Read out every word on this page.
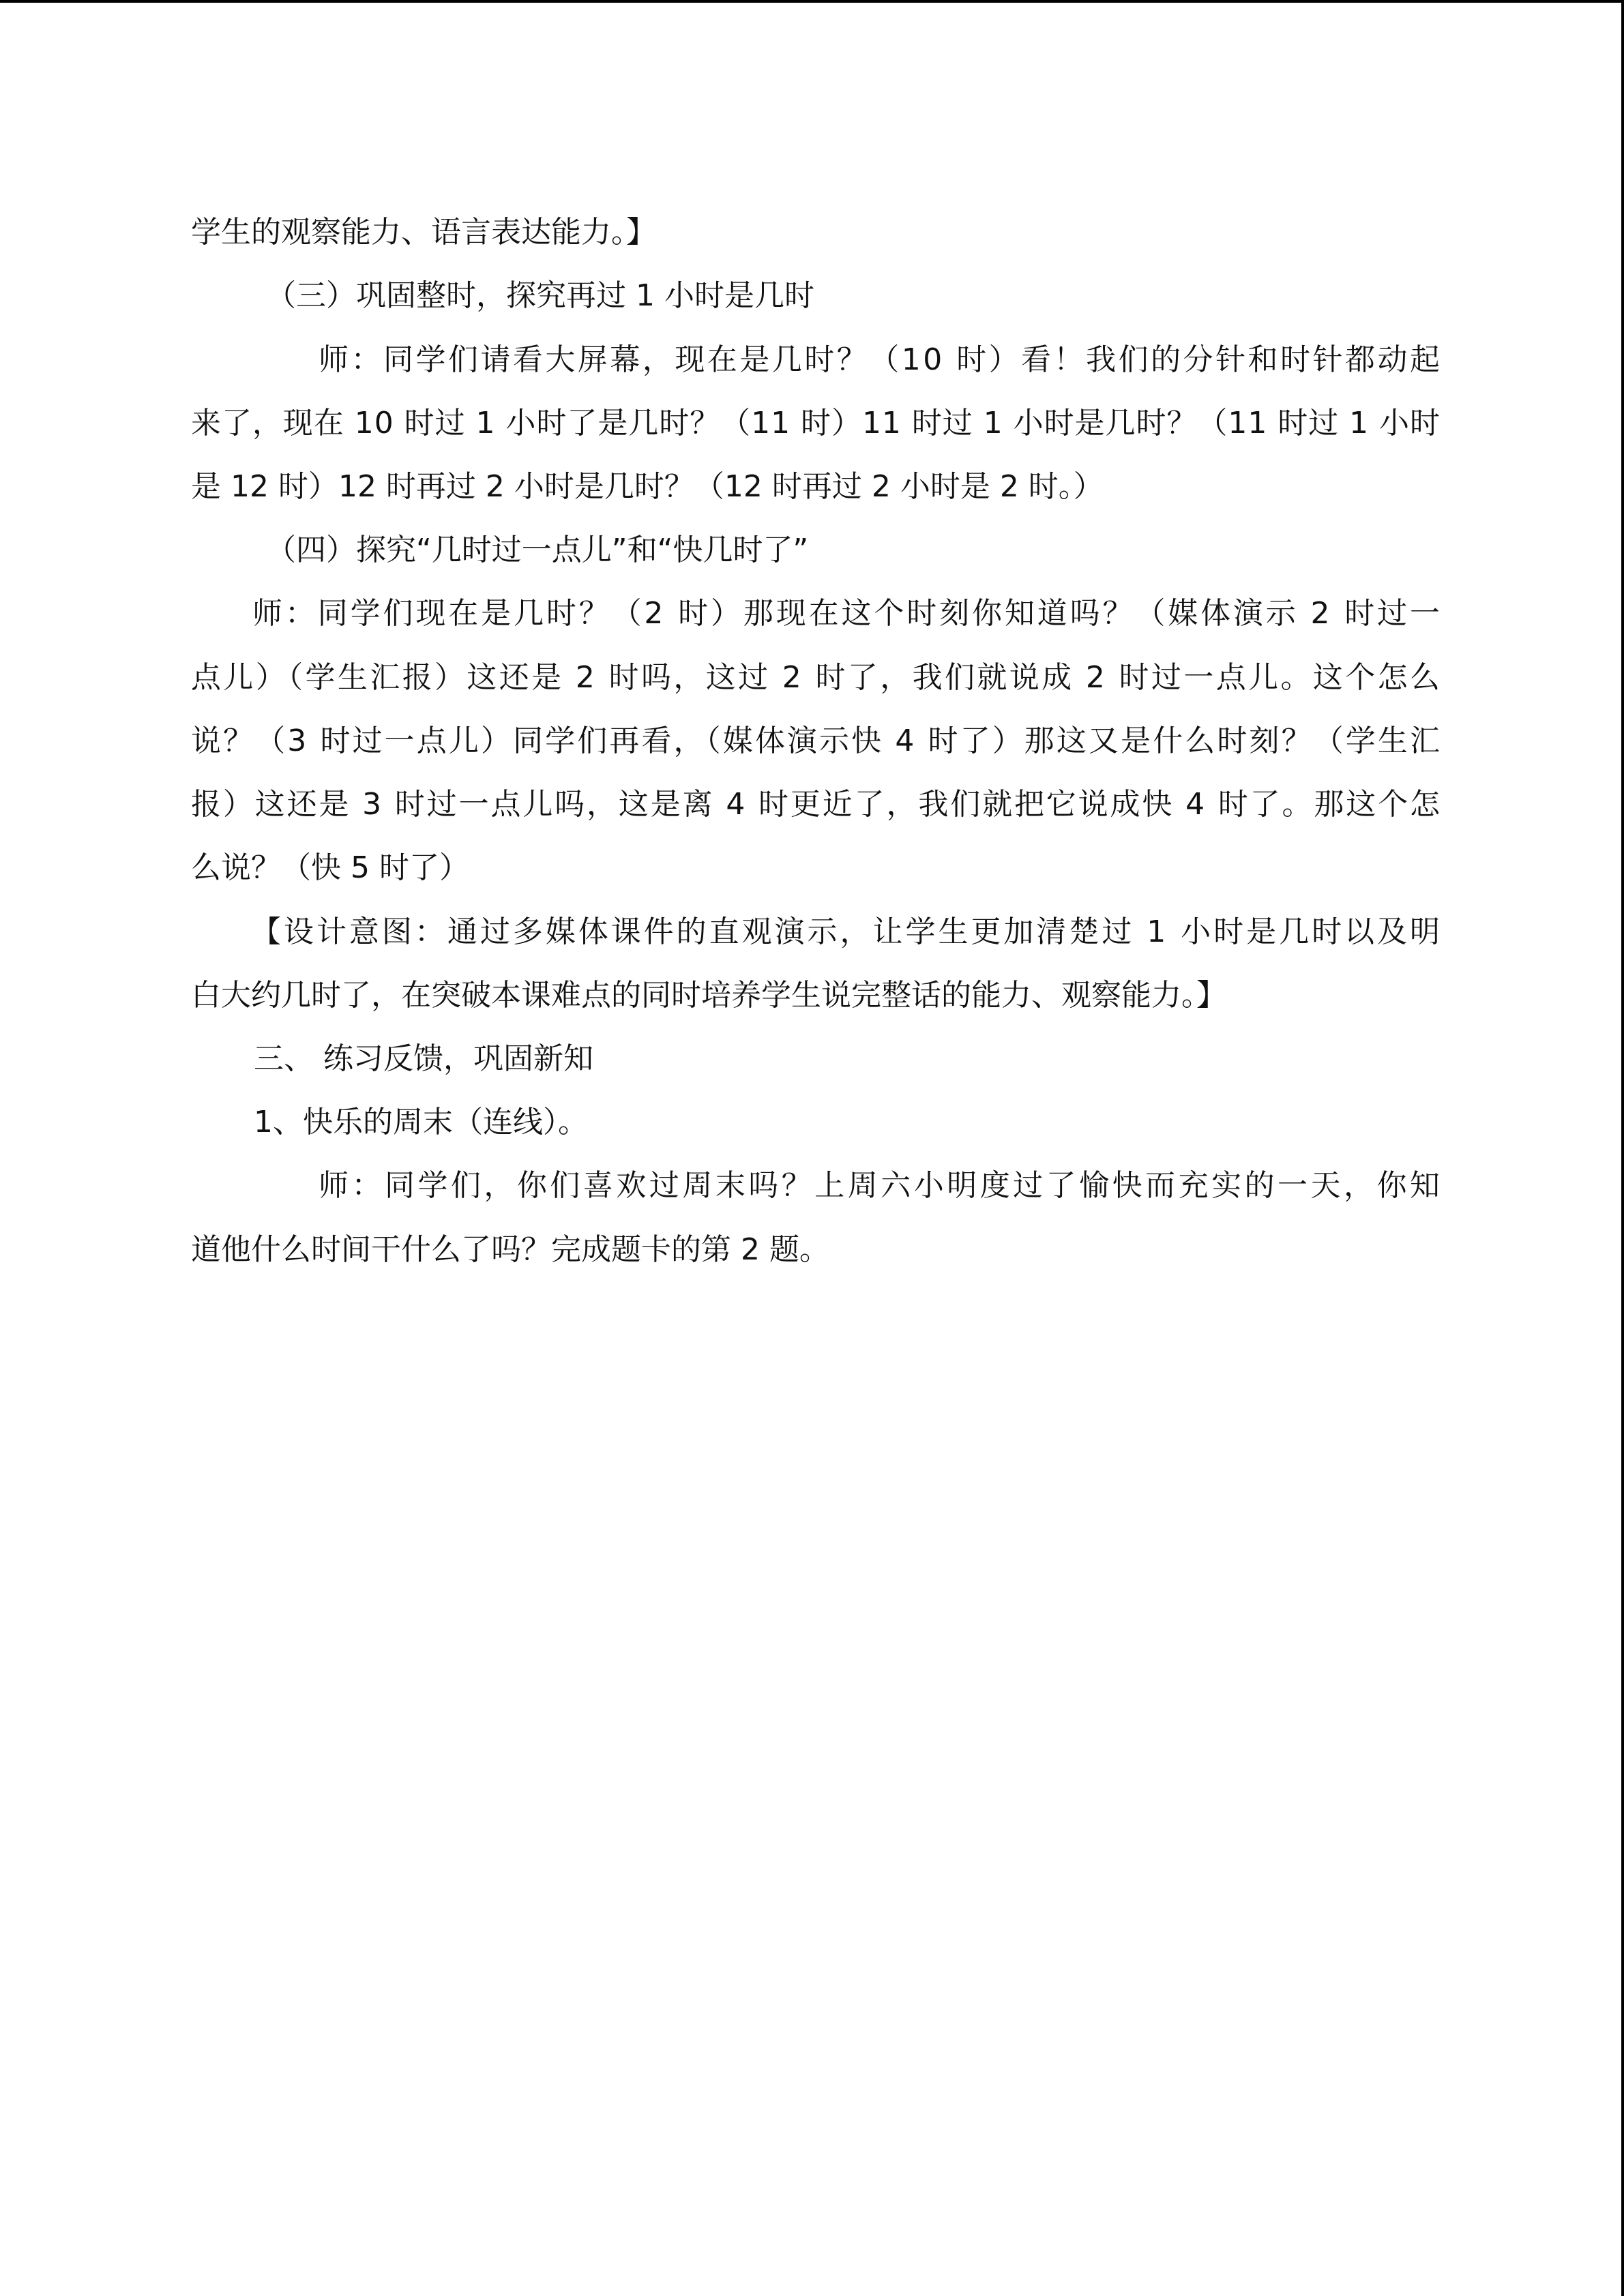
学生的观察能力、语言表达能力。】

（三）巩固整时，探究再过 1 小时是几时

师：同学们请看大屏幕，现在是几时？（10 时）看！我们的分针和时针都动起

来了，现在 10 时过 1 小时了是几时？（11 时）11 时过 1 小时是几时？（11 时过 1 小时

是 12 时）12 时再过 2 小时是几时？（12 时再过 2 小时是 2 时。）

（四）探究“几时过一点儿”和“快几时了”

师：同学们现在是几时？（2 时）那现在这个时刻你知道吗？（媒体演示 2 时过一

点儿）（学生汇报）这还是 2 时吗，这过 2 时了，我们就说成 2 时过一点儿。这个怎么

说？（3 时过一点儿）同学们再看，（媒体演示快 4 时了）那这又是什么时刻？（学生汇

报）这还是 3 时过一点儿吗，这是离 4 时更近了，我们就把它说成快 4 时了。那这个怎

么说？（快 5 时了）

【设计意图：通过多媒体课件的直观演示，让学生更加清楚过 1 小时是几时以及明

白大约几时了，在突破本课难点的同时培养学生说完整话的能力、观察能力。】

三、 练习反馈，巩固新知

1、快乐的周末（连线）。

师：同学们，你们喜欢过周末吗？上周六小明度过了愉快而充实的一天，你知

道他什么时间干什么了吗？完成题卡的第 2 题。
